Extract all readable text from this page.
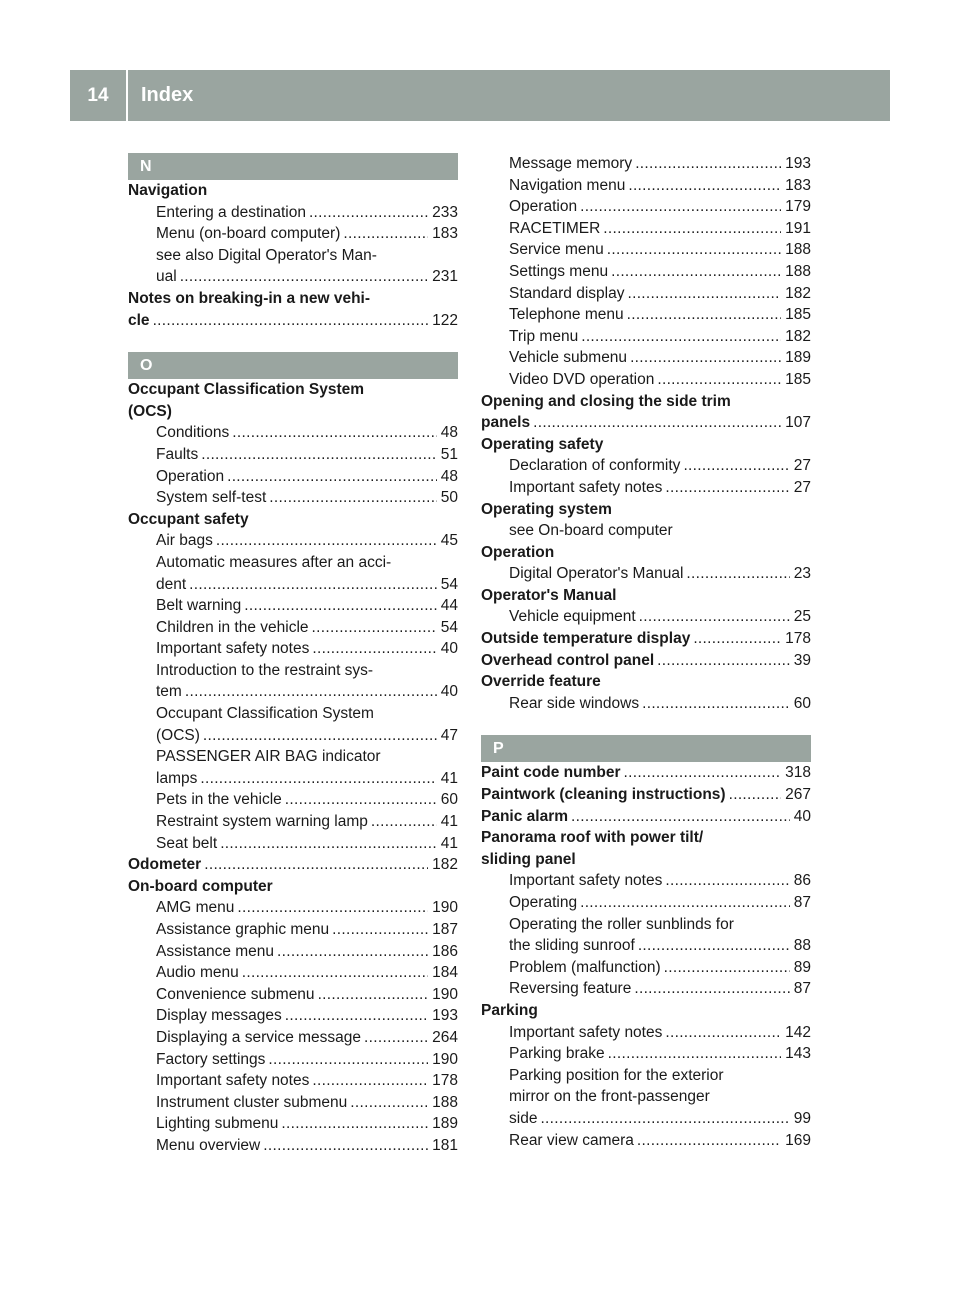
14	Index
N
Navigation
Entering a destination . . .	233
Menu (on-board computer) . . .	183
see also Digital Operator's Man-
ual . . .	231
Notes on breaking-in a new vehi-
cle . . .	122
O
Occupant Classification System
(OCS)
Conditions . . .	48
Faults . . .	51
Operation . . .	48
System self-test . . .	50
Occupant safety
Air bags . . .	45
Automatic measures after an acci-
dent . . .	54
Belt warning . . .	44
Children in the vehicle . . .	54
Important safety notes . . .	40
Introduction to the restraint sys-
tem . . .	40
Occupant Classification System
(OCS) . . .	47
PASSENGER AIR BAG indicator
lamps . . .	41
Pets in the vehicle . . .	60
Restraint system warning lamp . . .	41
Seat belt . . .	41
Odometer . . .	182
On-board computer
AMG menu . . .	190
Assistance graphic menu . . .	187
Assistance menu . . .	186
Audio menu . . .	184
Convenience submenu . . .	190
Display messages . . .	193
Displaying a service message . . .	264
Factory settings . . .	190
Important safety notes . . .	178
Instrument cluster submenu . . .	188
Lighting submenu . . .	189
Menu overview . . .	181
Message memory . . .	193
Navigation menu . . .	183
Operation . . .	179
RACETIMER . . .	191
Service menu . . .	188
Settings menu . . .	188
Standard display . . .	182
Telephone menu . . .	185
Trip menu . . .	182
Vehicle submenu . . .	189
Video DVD operation . . .	185
Opening and closing the side trim
panels . . .	107
Operating safety
Declaration of conformity . . .	27
Important safety notes . . .	27
Operating system
see On-board computer
Operation
Digital Operator's Manual . . .	23
Operator's Manual
Vehicle equipment . . .	25
Outside temperature display . . .	178
Overhead control panel . . .	39
Override feature
Rear side windows . . .	60
P
Paint code number . . .	318
Paintwork (cleaning instructions) . . .	267
Panic alarm . . .	40
Panorama roof with power tilt/
sliding panel
Important safety notes . . .	86
Operating . . .	87
Operating the roller sunblinds for
the sliding sunroof . . .	88
Problem (malfunction) . . .	89
Reversing feature . . .	87
Parking
Important safety notes . . .	142
Parking brake . . .	143
Parking position for the exterior
mirror on the front-passenger
side . . .	99
Rear view camera . . .	169
